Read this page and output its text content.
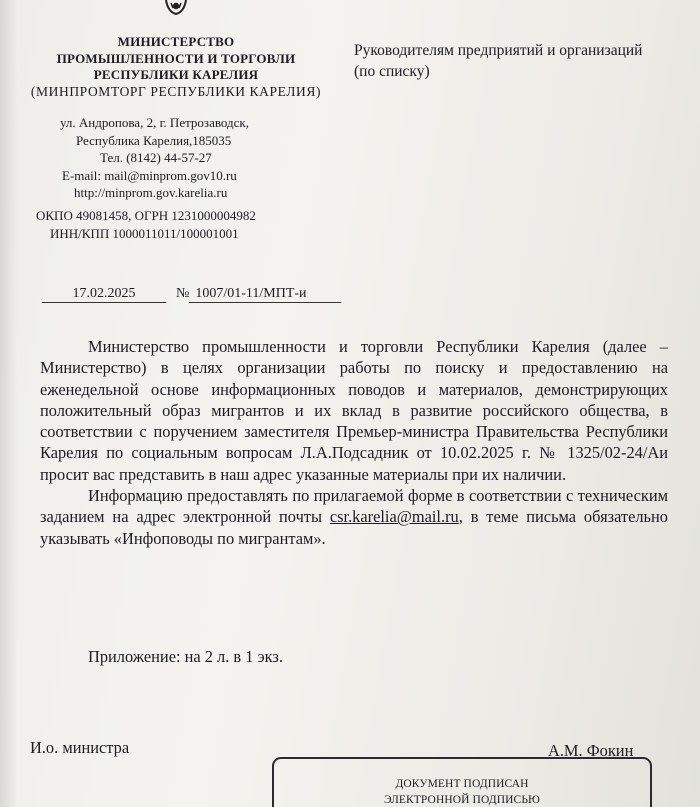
МИНИСТЕРСТВО
ПРОМЫШЛЕННОСТИ И ТОРГОВЛИ
РЕСПУБЛИКИ КАРЕЛИЯ
(МИНПРОМТОРГ РЕСПУБЛИКИ КАРЕЛИЯ)
ул. Андропова, 2, г. Петрозаводск,
Республика Карелия,185035
Тел. (8142) 44-57-27
E-mail: mail@minprom.gov10.ru
http://minprom.gov.karelia.ru
ОКПО 49081458, ОГРН 1231000004982
ИНН/КПП 1000011011/100001001
Руководителям предприятий и организаций (по списку)
17.02.2025	№ 1007/01-11/МПТ-и

Министерство промышленности и торговли Республики Карелия (далее – Министерство) в целях организации работы по поиску и предоставлению на еженедельной основе информационных поводов и материалов, демонстрирующих положительный образ мигрантов и их вклад в развитие российского общества, в соответствии с поручением заместителя Премьер-министра Правительства Республики Карелия по социальным вопросам Л.А.Подсадник от 10.02.2025 г. № 1325/02-24/Аи просит вас представить в наш адрес указанные материалы при их наличии.

Информацию предоставлять по прилагаемой форме в соответствии с техническим заданием на адрес электронной почты csr.karelia@mail.ru, в теме письма обязательно указывать «Инфоповоды по мигрантам».

Приложение: на 2 л. в 1 экз.
И.о. министра	А.М. Фокин
ДОКУМЕНТ ПОДПИСАН
ЭЛЕКТРОННОЙ ПОДПИСЬЮ
